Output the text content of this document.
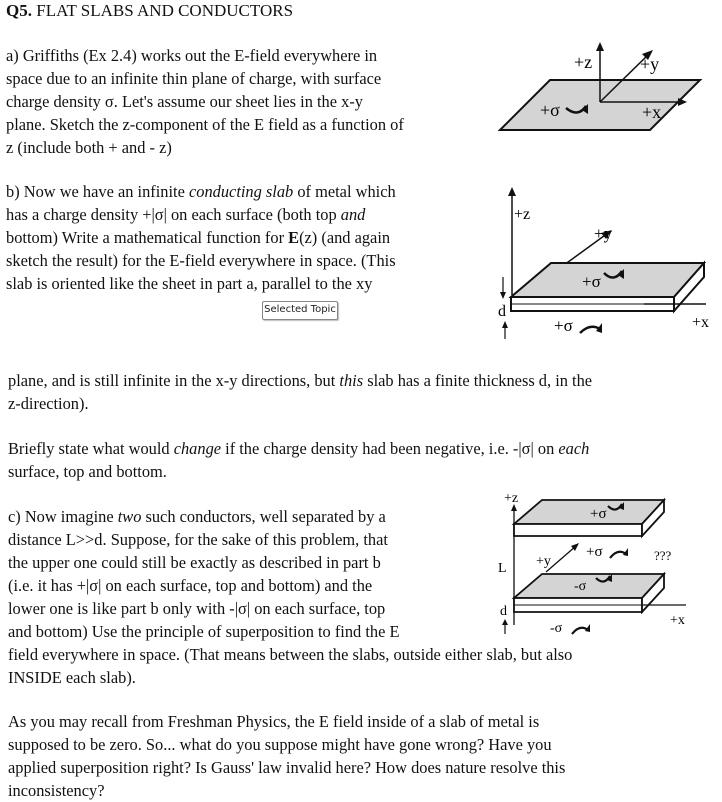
Q5. FLAT SLABS AND CONDUCTORS
a) Griffiths (Ex 2.4) works out the E-field everywhere in
space due to an infinite thin plane of charge, with surface
charge density σ. Let's assume our sheet lies in the x-y
plane. Sketch the z-component of the E field as a function of
z (include both + and - z)
b) Now we have an infinite conducting slab of metal which
has a charge density +|σ| on each surface (both top and
bottom) Write a mathematical function for E(z) (and again
sketch the result) for the E-field everywhere in space. (This
slab is oriented like the sheet in part a, parallel to the xy
Selected Topic
plane, and is still infinite in the x-y directions, but this slab has a finite thickness d, in the
z-direction).
Briefly state what would change if the charge density had been negative, i.e. -|σ| on each
surface, top and bottom.
c) Now imagine two such conductors, well separated by a
distance L>>d. Suppose, for the sake of this problem, that
the upper one could still be exactly as described in part b
(i.e. it has +|σ| on each surface, top and bottom) and the
lower one is like part b only with -|σ| on each surface, top
and bottom) Use the principle of superposition to find the E
field everywhere in space. (That means between the slabs, outside either slab, but also
INSIDE each slab).
As you may recall from Freshman Physics, the E field inside of a slab of metal is
supposed to be zero. So... what do you suppose might have gone wrong? Have you
applied superposition right? Is Gauss' law invalid here? How does nature resolve this
inconsistency?
+z	+y
+x
+σ
+z
+y
+x
+σ
+σ
d
+z
+σ
+σ	???
+y
-σ
+x
-σ
L
d
